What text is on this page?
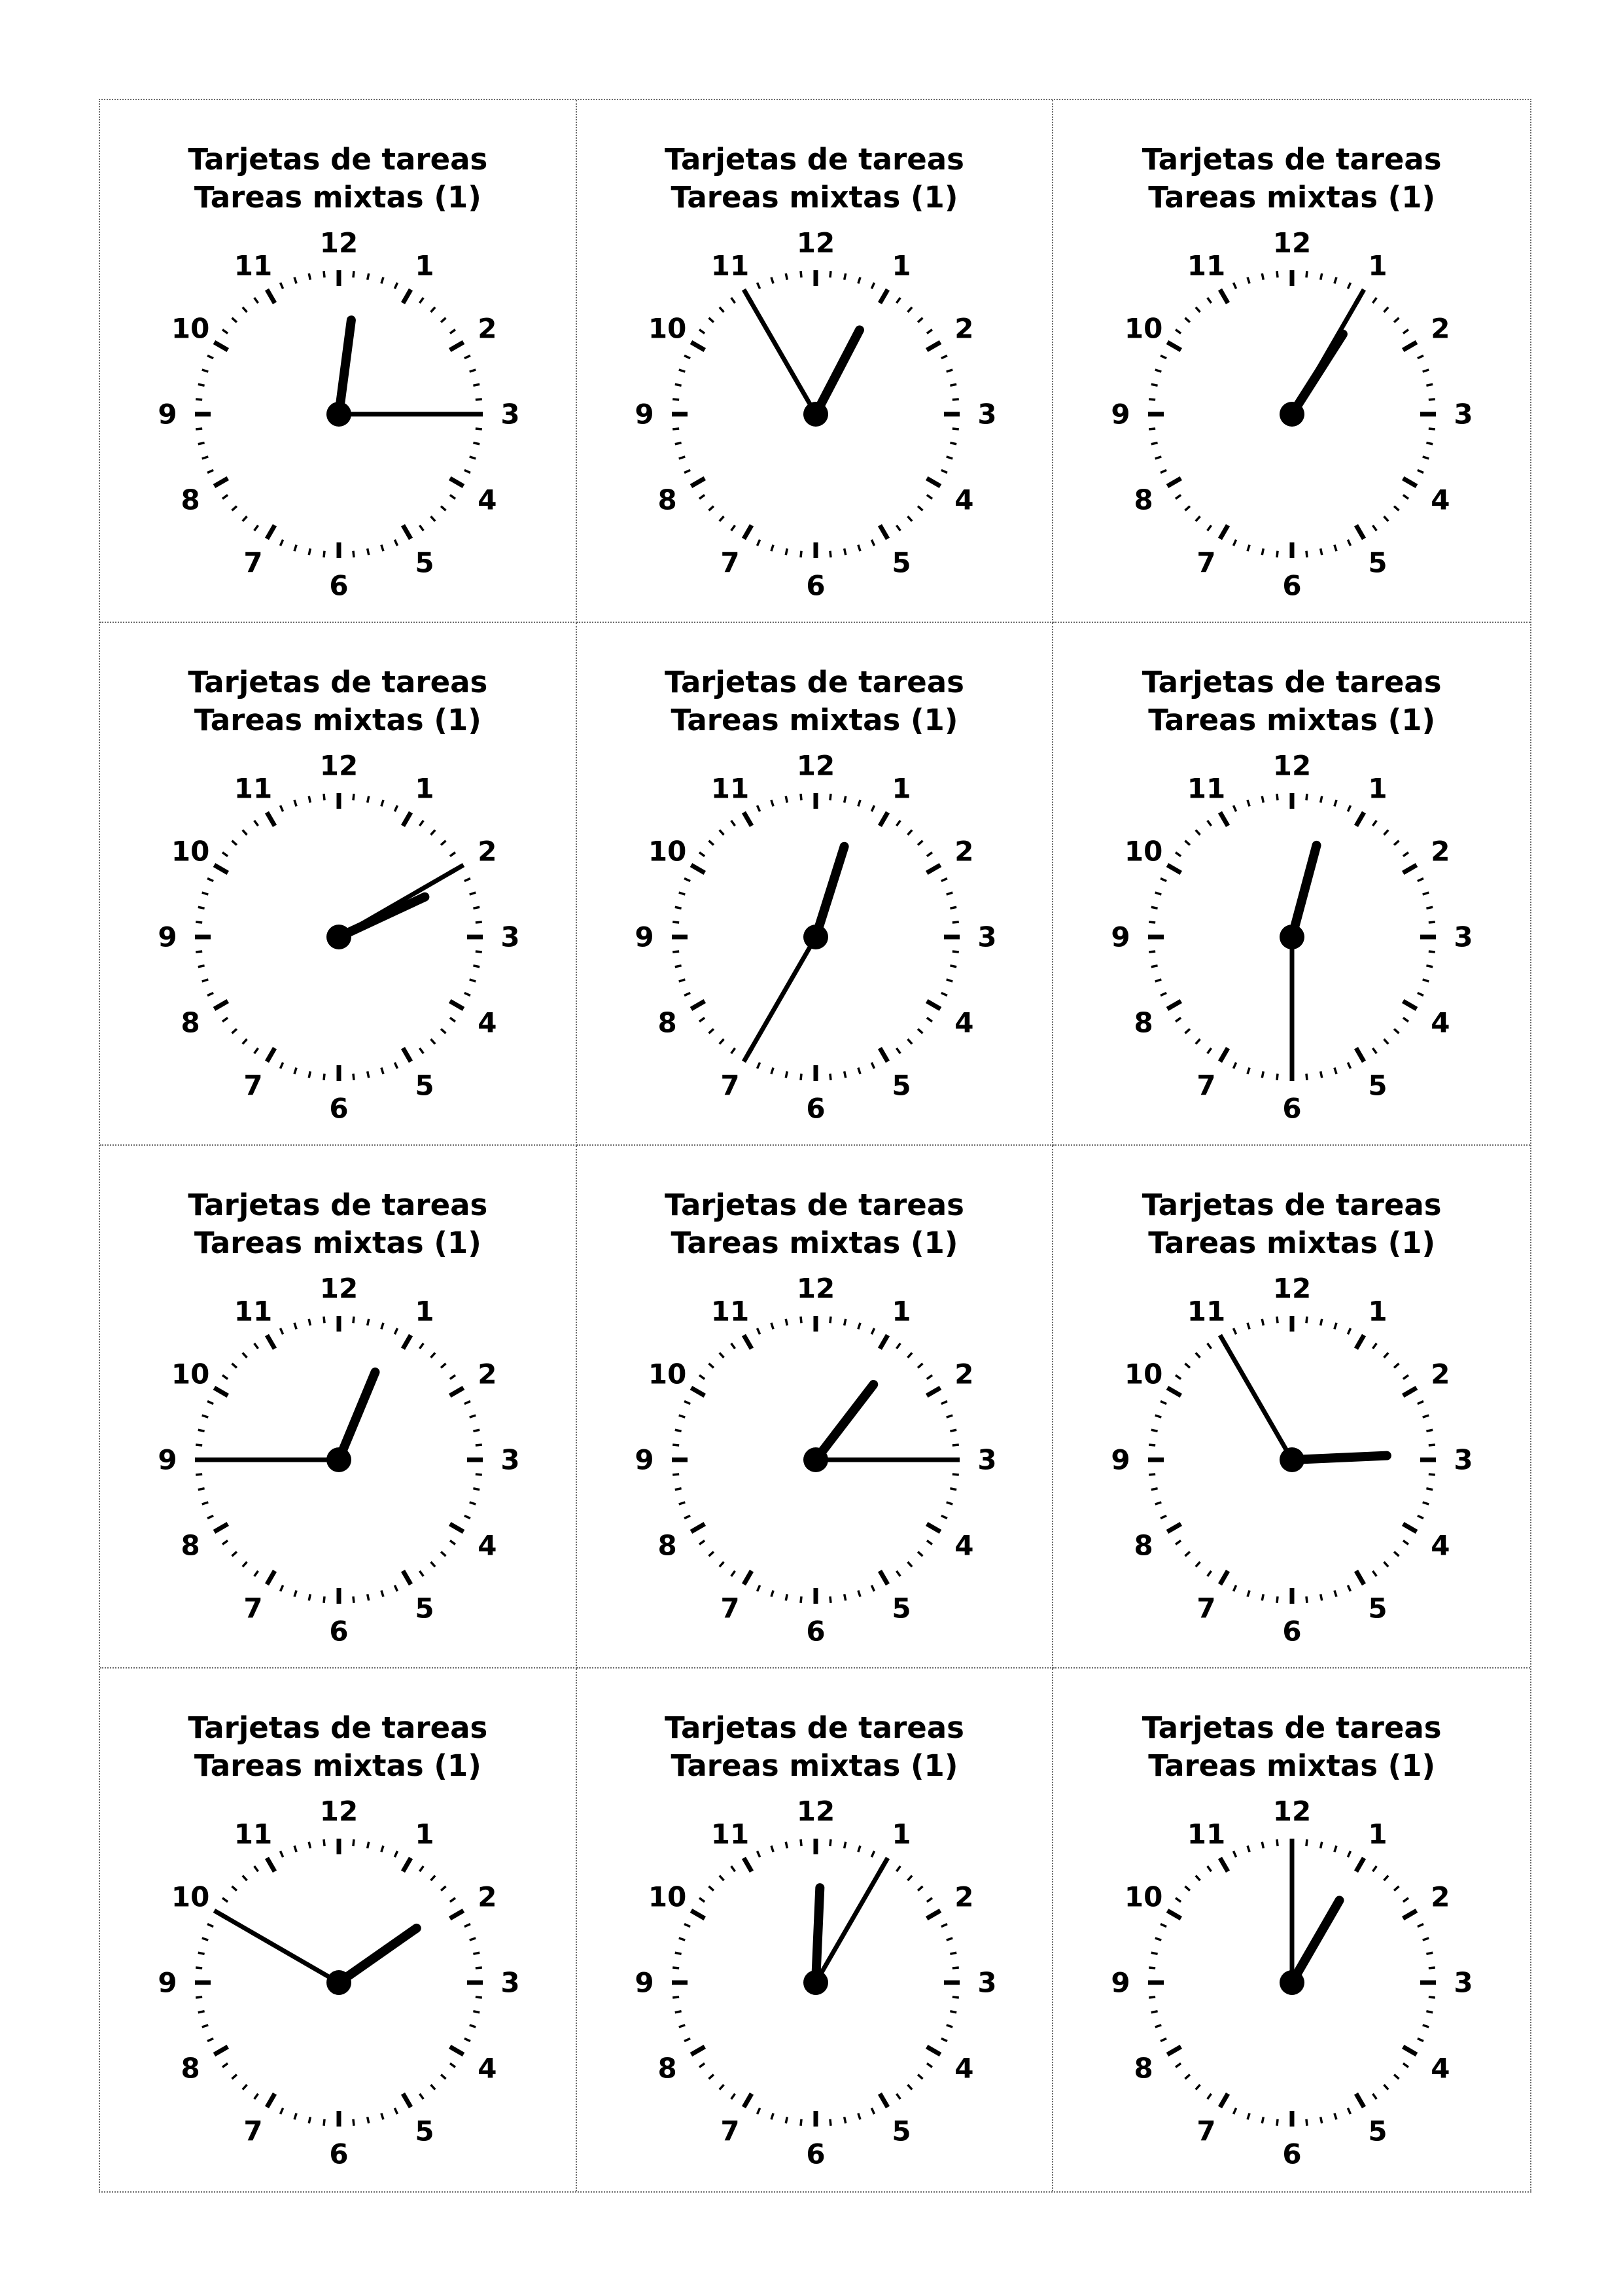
Tarjetas de tareas
Tareas mixtas (1)
12
1
2
3
4
5
6
7
8
9
10
11
Tarjetas de tareas
Tareas mixtas (1)
12
1
2
3
4
5
6
7
8
9
10
11
Tarjetas de tareas
Tareas mixtas (1)
12
1
2
3
4
5
6
7
8
9
10
11
Tarjetas de tareas
Tareas mixtas (1)
12
1
2
3
4
5
6
7
8
9
10
11
Tarjetas de tareas
Tareas mixtas (1)
12
1
2
3
4
5
6
7
8
9
10
11
Tarjetas de tareas
Tareas mixtas (1)
12
1
2
3
4
5
6
7
8
9
10
11
Tarjetas de tareas
Tareas mixtas (1)
12
1
2
3
4
5
6
7
8
9
10
11
Tarjetas de tareas
Tareas mixtas (1)
12
1
2
3
4
5
6
7
8
9
10
11
Tarjetas de tareas
Tareas mixtas (1)
12
1
2
3
4
5
6
7
8
9
10
11
Tarjetas de tareas
Tareas mixtas (1)
12
1
2
3
4
5
6
7
8
9
10
11
Tarjetas de tareas
Tareas mixtas (1)
12
1
2
3
4
5
6
7
8
9
10
11
Tarjetas de tareas
Tareas mixtas (1)
12
1
2
3
4
5
6
7
8
9
10
11
